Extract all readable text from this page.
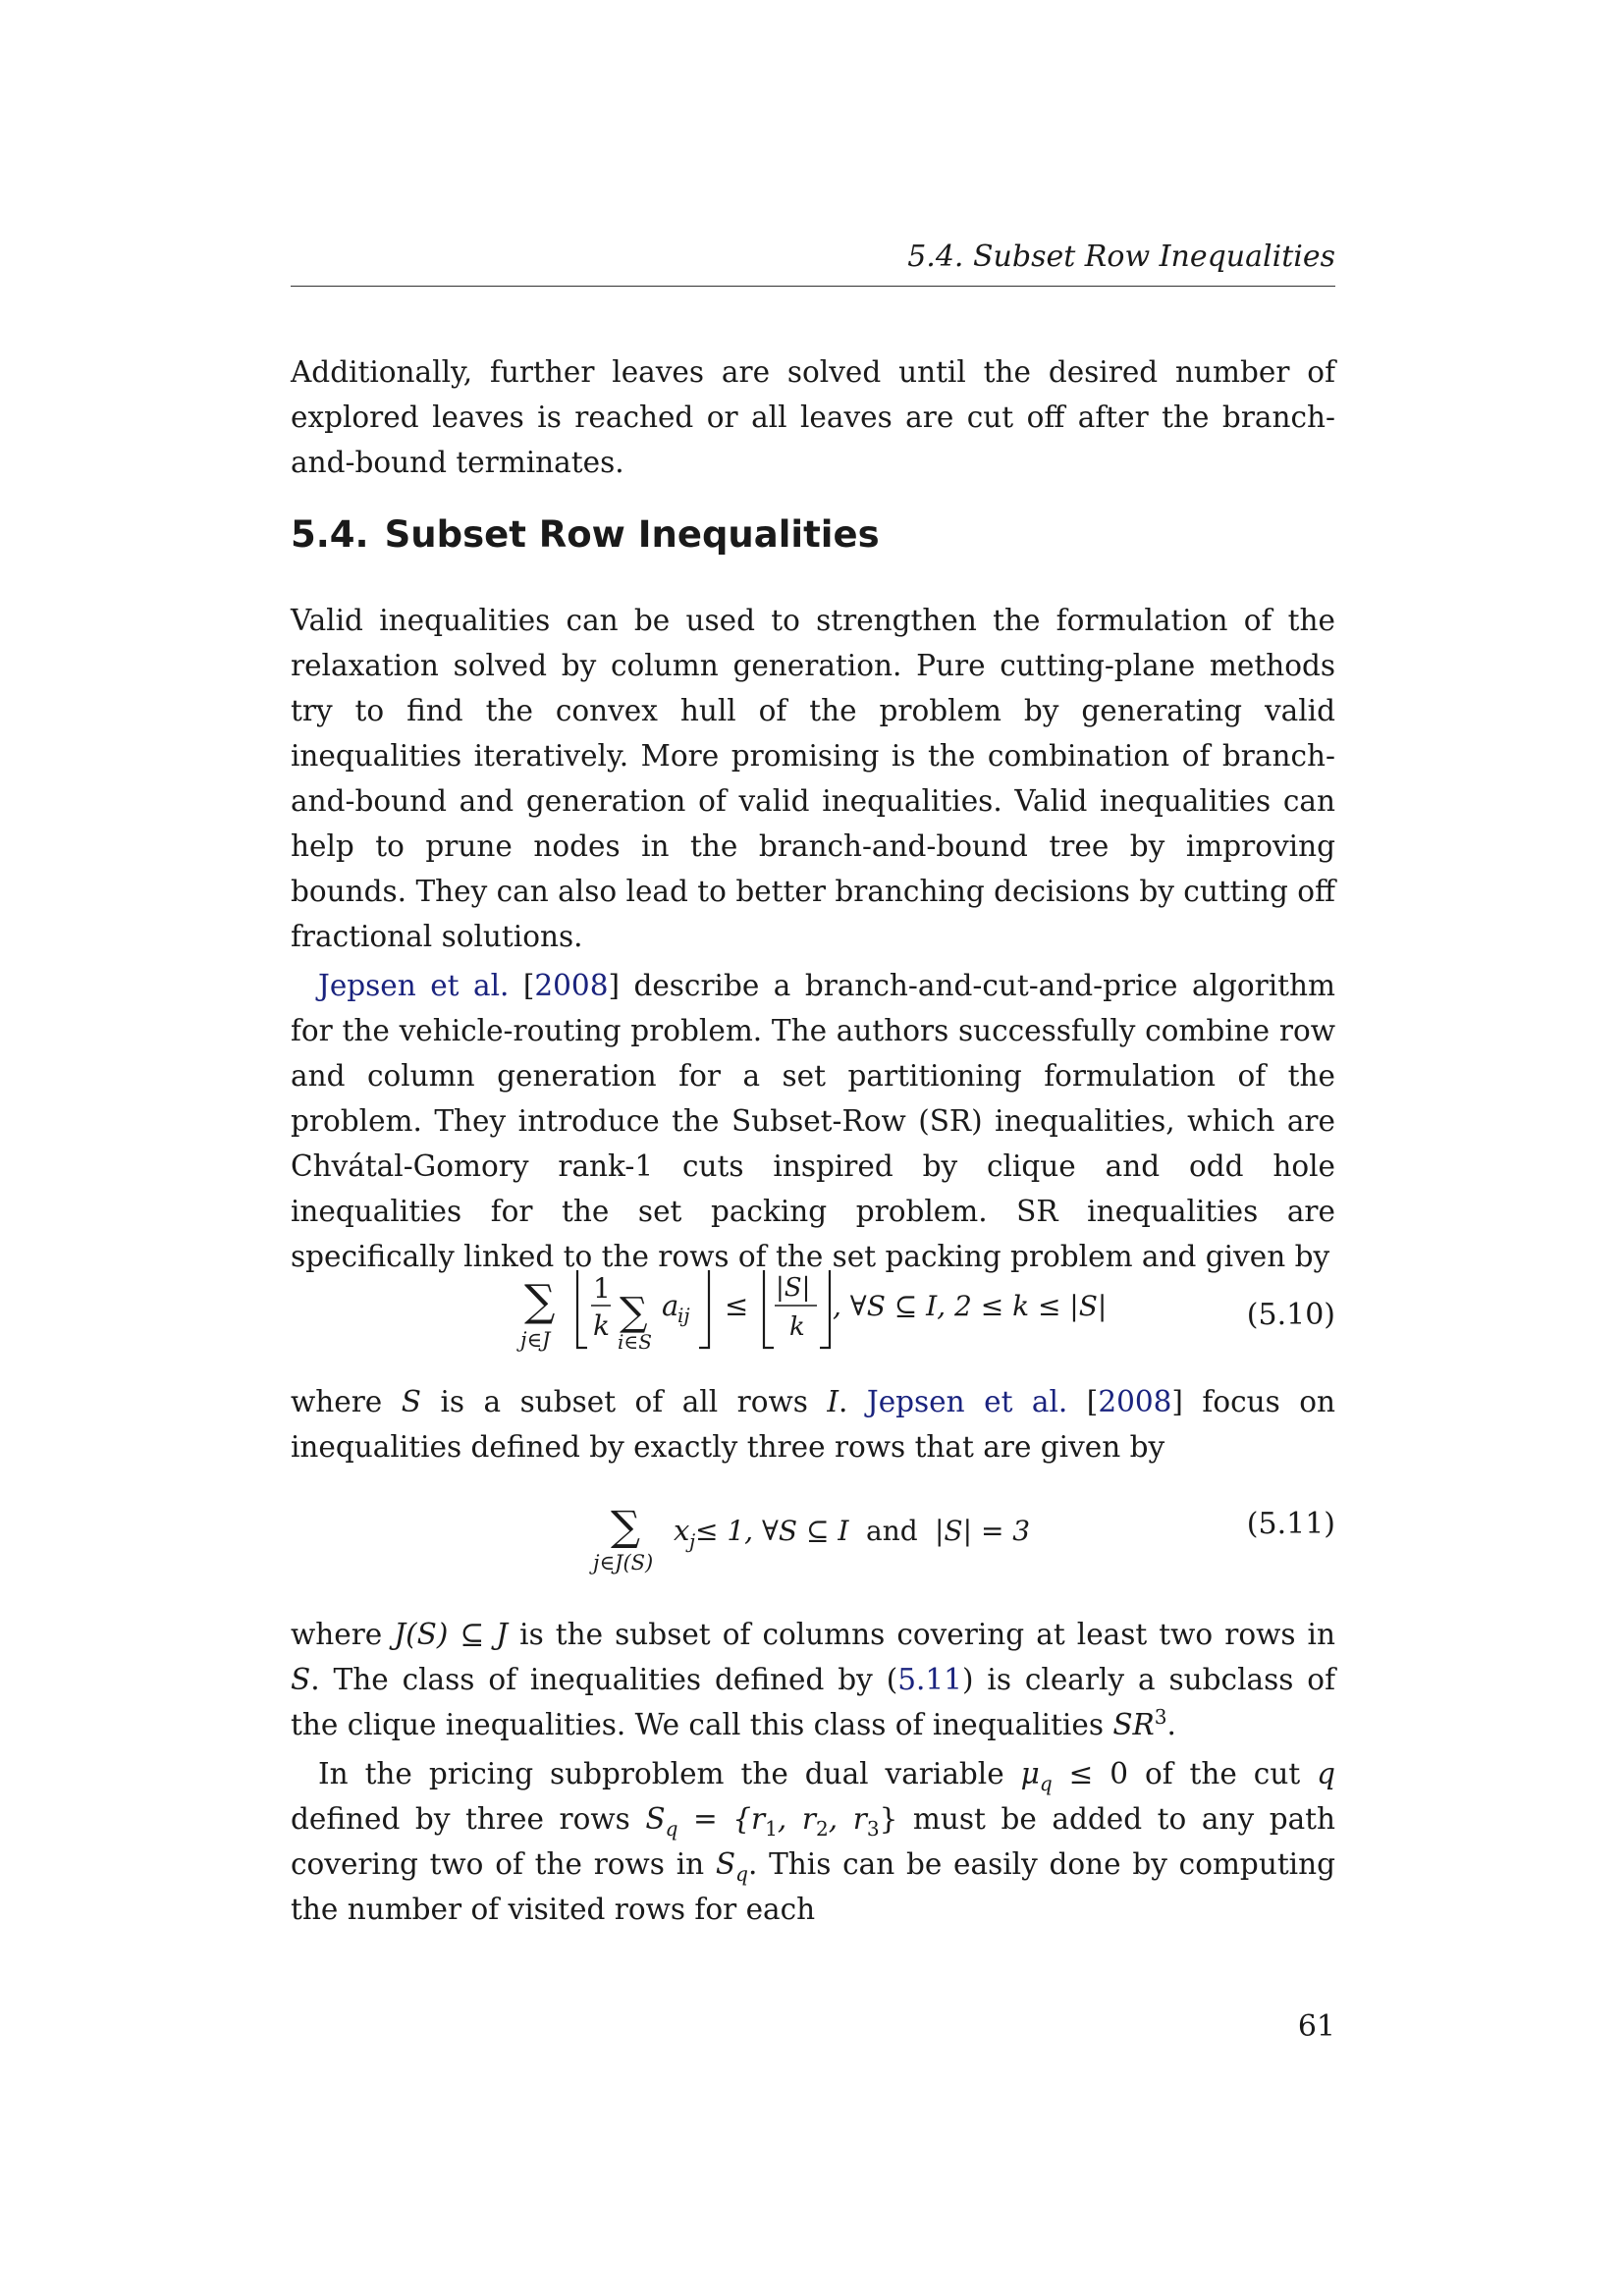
5.4. Subset Row Inequalities

Additionally, further leaves are solved until the desired number of explored leaves is reached or all leaves are cut off after the branch-and-bound terminates.

5.4. Subset Row Inequalities

Valid inequalities can be used to strengthen the formulation of the relaxation solved by column generation. Pure cutting-plane methods try to find the convex hull of the problem by generating valid inequalities iteratively. More promising is the combination of branch-and-bound and generation of valid inequalities. Valid inequalities can help to prune nodes in the branch-and-bound tree by improving bounds. They can also lead to better branching decisions by cutting off fractional solutions.

Jepsen et al. [2008] describe a branch-and-cut-and-price algorithm for the vehicle-routing problem. The authors successfully combine row and column generation for a set partitioning formulation of the problem. They introduce the Subset-Row (SR) inequalities, which are Chvátal-Gomory rank-1 cuts inspired by clique and odd hole inequalities for the set packing problem. SR inequalities are specifically linked to the rows of the set packing problem and given by

∑
j∈J
1
k ∑
i∈S
a
ij ≤
|S|
k
, ∀S ⊆ I, 2 ≤ k ≤ |S|	(5.10)

where S is a subset of all rows I. Jepsen et al. [2008] focus on inequalities defined by exactly three rows that are given by

∑
j∈J(S)
x j ≤ 1, ∀S ⊆ I and |S| = 3	(5.11)

where J(S) ⊆ J is the subset of columns covering at least two rows in S. The class of inequalities defined by (5.11) is clearly a subclass of the clique inequalities. We call this class of inequalities $SR^3$.

In the pricing subproblem the dual variable $\mu_q \le 0$ of the cut q defined by three rows $S_q = \{r_1$, $r_2$, $r_3$} must be added to any path covering two of the rows in $S_q$. This can be easily done by computing the number of visited rows for each

61
